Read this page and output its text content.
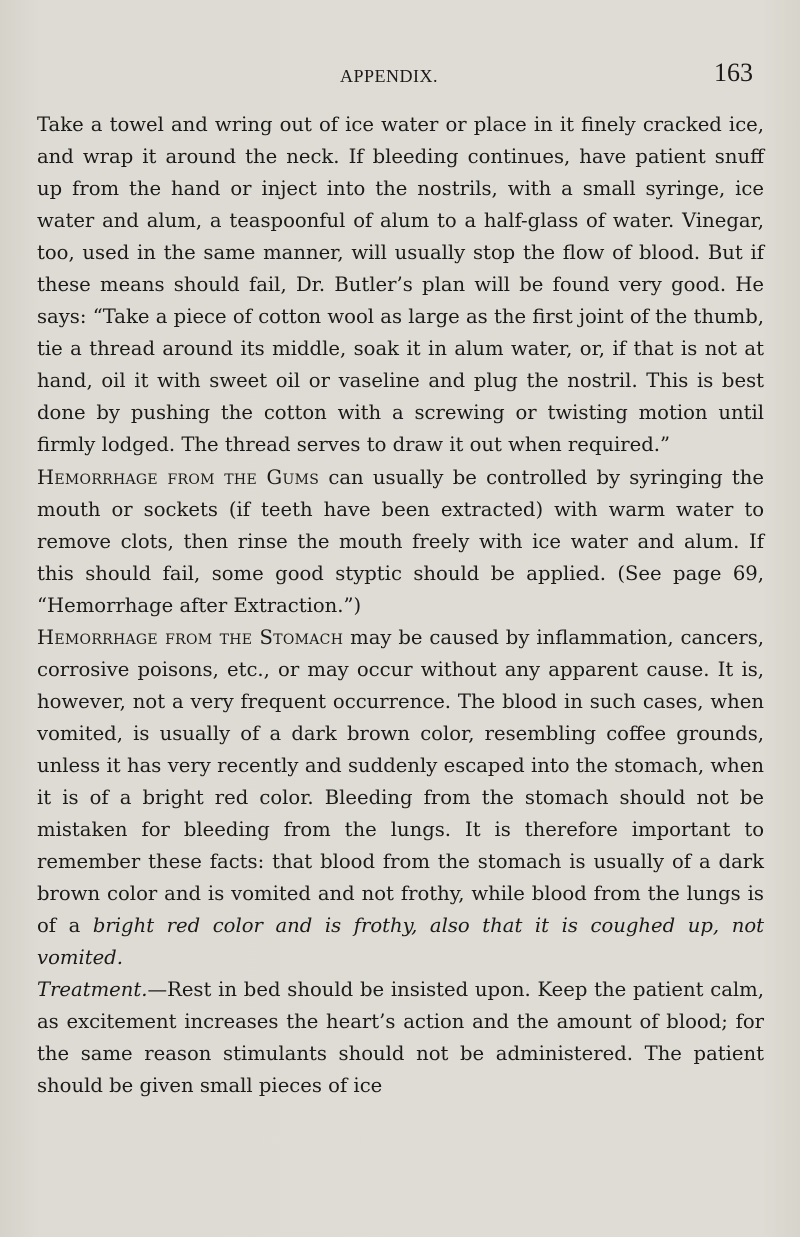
APPENDIX.	163

Take a towel and wring out of ice water or place in it finely cracked ice, and wrap it around the neck. If bleeding continues, have patient snuff up from the hand or inject into the nostrils, with a small syringe, ice water and alum, a teaspoonful of alum to a half-glass of water. Vinegar, too, used in the same manner, will usually stop the flow of blood. But if these means should fail, Dr. Butler’s plan will be found very good. He says: “Take a piece of cotton wool as large as the first joint of the thumb, tie a thread around its middle, soak it in alum water, or, if that is not at hand, oil it with sweet oil or vaseline and plug the nostril. This is best done by pushing the cotton with a screwing or twisting motion until firmly lodged. The thread serves to draw it out when required.”

Hemorrhage from the Gums can usually be controlled by syringing the mouth or sockets (if teeth have been extracted) with warm water to remove clots, then rinse the mouth freely with ice water and alum. If this should fail, some good styptic should be applied. (See page 69, “Hemorrhage after Extraction.”)

Hemorrhage from the Stomach may be caused by inflammation, cancers, corrosive poisons, etc., or may occur without any apparent cause. It is, however, not a very frequent occurrence. The blood in such cases, when vomited, is usually of a dark brown color, resembling coffee grounds, unless it has very recently and suddenly escaped into the stomach, when it is of a bright red color. Bleeding from the stomach should not be mistaken for bleeding from the lungs. It is therefore important to remember these facts: that blood from the stomach is usually of a dark brown color and is vomited and not frothy, while blood from the lungs is of a bright red color and is frothy, also that it is coughed up, not vomited.

Treatment.—Rest in bed should be insisted upon. Keep the patient calm, as excitement increases the heart’s action and the amount of blood; for the same reason stimulants should not be administered. The patient should be given small pieces of ice
